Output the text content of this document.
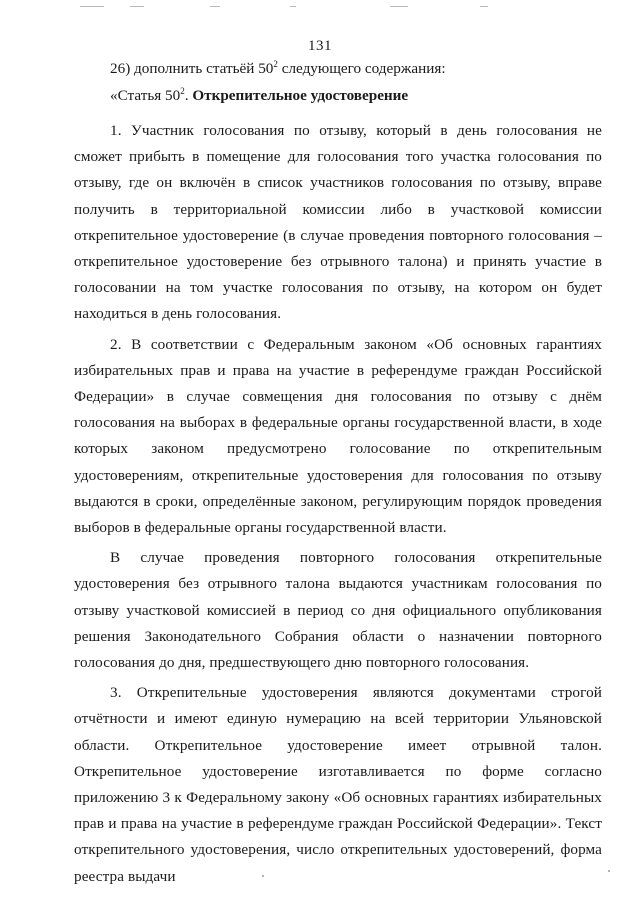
131
26) дополнить статьёй $50^2$ следующего содержания:
«Статья $50^2$. Открепительное удостоверение

1. Участник голосования по отзыву, который в день голосования не сможет прибыть в помещение для голосования того участка голосования по отзыву, где он включён в список участников голосования по отзыву, вправе получить в территориальной комиссии либо в участковой комиссии открепительное удостоверение (в случае проведения повторного голосования – открепительное удостоверение без отрывного талона) и принять участие в голосовании на том участке голосования по отзыву, на котором он будет находиться в день голосования.

2. В соответствии с Федеральным законом «Об основных гарантиях избирательных прав и права на участие в референдуме граждан Российской Федерации» в случае совмещения дня голосования по отзыву с днём голосования на выборах в федеральные органы государственной власти, в ходе которых законом предусмотрено голосование по открепительным удостоверениям, открепительные удостоверения для голосования по отзыву выдаются в сроки, определённые законом, регулирующим порядок проведения выборов в федеральные органы государственной власти.

В случае проведения повторного голосования открепительные удостоверения без отрывного талона выдаются участникам голосования по отзыву участковой комиссией в период со дня официального опубликования решения Законодательного Собрания области о назначении повторного голосования до дня, предшествующего дню повторного голосования.

3. Открепительные удостоверения являются документами строгой отчётности и имеют единую нумерацию на всей территории Ульяновской области. Открепительное удостоверение имеет отрывной талон. Открепительное удостоверение изготавливается по форме согласно приложению 3 к Федеральному закону «Об основных гарантиях избирательных прав и права на участие в референдуме граждан Российской Федерации». Текст открепительного удостоверения, число открепительных удостоверений, форма реестра выдачи
